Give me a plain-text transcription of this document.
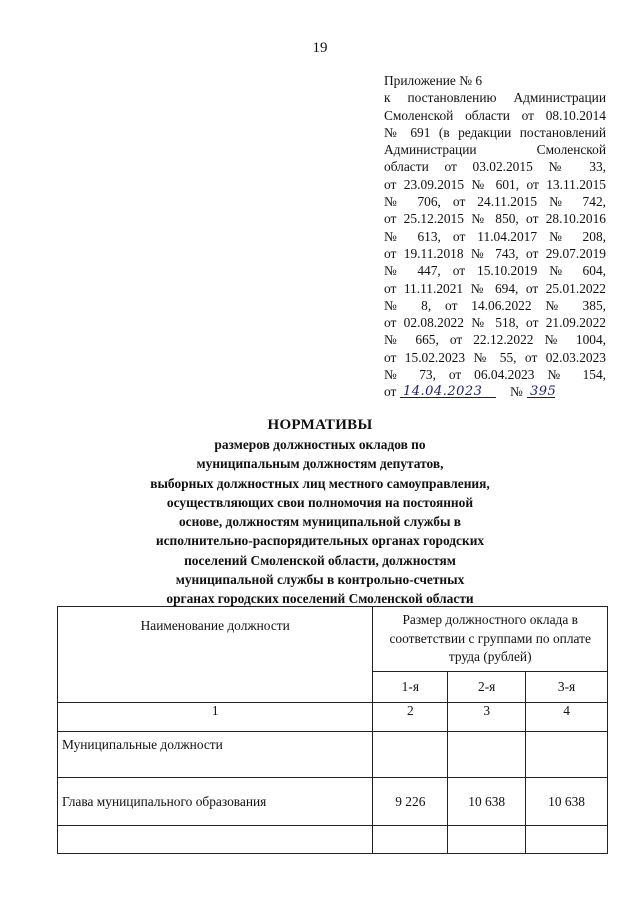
19
Приложение № 6
к постановлению Администрации
Смоленской области от 08.10.2014
№ 691 (в редакции постановлений
Администрации Смоленской
области от 03.02.2015 № 33,
от 23.09.2015 № 601, от 13.11.2015
№ 706, от 24.11.2015 № 742,
от 25.12.2015 № 850, от 28.10.2016
№ 613, от 11.04.2017 № 208,
от 19.11.2018 № 743, от 29.07.2019
№ 447, от 15.10.2019 № 604,
от 11.11.2021 № 694, от 25.01.2022
№ 8, от 14.06.2022 № 385,
от 02.08.2022 № 518, от 21.09.2022
№ 665, от 22.12.2022 № 1004,
от 15.02.2023 № 55, от 02.03.2023
№ 73, от 06.04.2023 № 154,
от 14.04.2023 № 395
НОРМАТИВЫ
размеров должностных окладов по
муниципальным должностям депутатов,
выборных должностных лиц местного самоуправления,
осуществляющих свои полномочия на постоянной
основе, должностям муниципальной службы в
исполнительно-распорядительных органах городских
поселений Смоленской области, должностям
муниципальной службы в контрольно-счетных
органах городских поселений Смоленской области
Наименование должности	Размер должностного оклада в соответствии с группами по оплате труда (рублей)		
	1-я	2-я	3-я
1	2	3	4
Муниципальные должности			
Глава муниципального образования	9 226	10 638	10 638
